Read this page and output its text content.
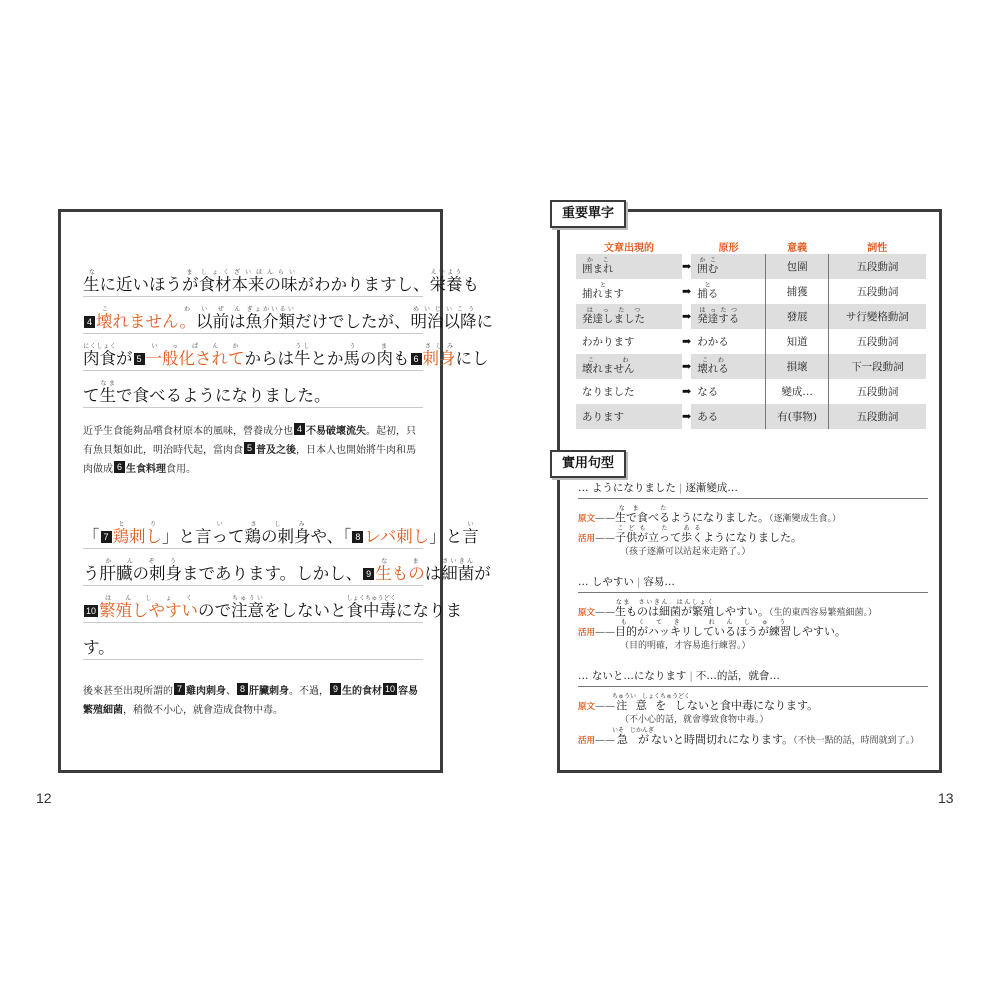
生に近いほうがなま食材本来の味しょくざいほんらいがわかりますし、栄養えいようも
4 壊れません。こわ以前はいぜん魚介類ぎょかいるいだけでしたが、明治以降めいじいこうに
肉食にくしょくが 5 一般化されていっぱんかからは牛うしとか馬の肉うまも 6 刺身さしみにし
て生なまで食べるようになりました。
近乎生食能夠品嚐食材原本的風味，營養成分也 4 不易破壞流失。起初，只有魚貝類如此，明治時代起，當肉食 5 普及之後，日本人也開始將牛肉和馬肉做成 6 生食料理食用。
「 7 鶏刺しとり」と言ってい鶏の刺身さしみや、「 8 レバ刺し」と言い
う肝臓の刺身かんぞうまであります。しかし、 9 生ものなまは細菌さいきんが
10 繁殖しやすいはんしょくので注意ちゅういをしないと食中毒しょくちゅうどくになりま
す。
後來甚至出現所謂的 7 雞肉刺身、 8 肝臟刺身。不過， 9 生的食材 10 容易繁殖細菌，稍微不小心，就會造成食物中毒。
12
重要單字
文章出現的		原形	意義	詞性
囲まれかこ	➡	囲むかこ	包圍	五段動詞
捕れますと	➡	捕ると	捕獲	五段動詞
発達しましたはったつ	➡	発達するはったつ	發展	サ行變格動詞
わかります	➡	わかる	知道	五段動詞
壊れませんこわ	➡	壊れるこわ	損壞	下一段動詞
なりました	➡	なる	變成…	五段動詞
あります	➡	ある	有(事物)	五段動詞
實用句型
… ようになりました | 逐漸變成…
原文——生で食べるなま　たようになりました。（逐漸變成生食。）
活用——子供が立って歩くこども　た　あるようになりました。
（孩子逐漸可以站起來走路了。）
… しやすい | 容易…
原文——生ものは細菌が繁殖なま　さいきん　はんしょくしやすい。（生的東西容易繁殖細菌。）
活用——目的がハッキリしているほうが練習もくてき　れんしゅうしやすい。
（目的明確，才容易進行練習。）
… ないと…になります | 不…的話，就會…
原文——注意をしちゅうい　しょくちゅうどくないと食中毒になります。
（不小心的話，就會導致食物中毒。）
活用——急がいそ　じかんぎないと時間切れになります。（不快一點的話，時間就到了。）
13
